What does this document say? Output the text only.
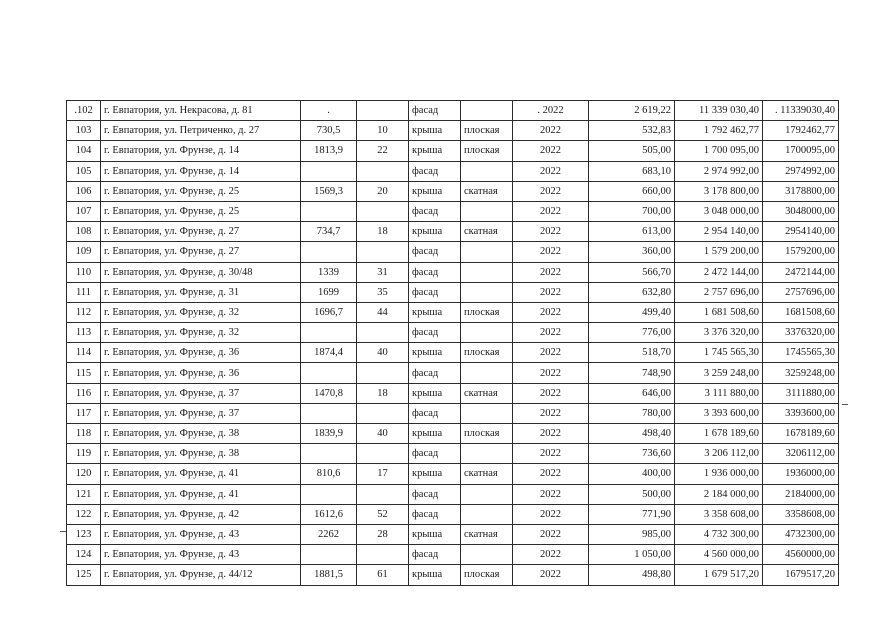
.102	г. Евпатория, ул. Некрасова, д. 81	.		фасад		. 2022	2 619,22	11 339 030,40	. 11339030,40
103	г. Евпатория, ул. Петриченко, д. 27	730,5	10	крыша	плоская	2022	532,83	1 792 462,77	1792462,77
104	г. Евпатория, ул. Фрунзе, д. 14	1813,9	22	крыша	плоская	2022	505,00	1 700 095,00	1700095,00
105	г. Евпатория, ул. Фрунзе, д. 14			фасад		2022	683,10	2 974 992,00	2974992,00
106	г. Евпатория, ул. Фрунзе, д. 25	1569,3	20	крыша	скатная	2022	660,00	3 178 800,00	3178800,00
107	г. Евпатория, ул. Фрунзе, д. 25			фасад		2022	700,00	3 048 000,00	3048000,00
108	г. Евпатория, ул. Фрунзе, д. 27	734,7	18	крыша	скатная	2022	613,00	2 954 140,00	2954140,00
109	г. Евпатория, ул. Фрунзе, д. 27			фасад		2022	360,00	1 579 200,00	1579200,00
110	г. Евпатория, ул. Фрунзе, д. 30/48	1339	31	фасад		2022	566,70	2 472 144,00	2472144,00
111	г. Евпатория, ул. Фрунзе, д. 31	1699	35	фасад		2022	632,80	2 757 696,00	2757696,00
112	г. Евпатория, ул. Фрунзе, д. 32	1696,7	44	крыша	плоская	2022	499,40	1 681 508,60	1681508,60
113	г. Евпатория, ул. Фрунзе, д. 32			фасад		2022	776,00	3 376 320,00	3376320,00
114	г. Евпатория, ул. Фрунзе, д. 36	1874,4	40	крыша	плоская	2022	518,70	1 745 565,30	1745565,30
115	г. Евпатория, ул. Фрунзе, д. 36			фасад		2022	748,90	3 259 248,00	3259248,00
116	г. Евпатория, ул. Фрунзе, д. 37	1470,8	18	крыша	скатная	2022	646,00	3 111 880,00	3111880,00
117	г. Евпатория, ул. Фрунзе, д. 37			фасад		2022	780,00	3 393 600,00	3393600,00
118	г. Евпатория, ул. Фрунзе, д. 38	1839,9	40	крыша	плоская	2022	498,40	1 678 189,60	1678189,60
119	г. Евпатория, ул. Фрунзе, д. 38			фасад		2022	736,60	3 206 112,00	3206112,00
120	г. Евпатория, ул. Фрунзе, д. 41	810,6	17	крыша	скатная	2022	400,00	1 936 000,00	1936000,00
121	г. Евпатория, ул. Фрунзе, д. 41			фасад		2022	500,00	2 184 000,00	2184000,00
122	г. Евпатория, ул. Фрунзе, д. 42	1612,6	52	фасад		2022	771,90	3 358 608,00	3358608,00
123	г. Евпатория, ул. Фрунзе, д. 43	2262	28	крыша	скатная	2022	985,00	4 732 300,00	4732300,00
124	г. Евпатория, ул. Фрунзе, д. 43			фасад		2022	1 050,00	4 560 000,00	4560000,00
125	г. Евпатория, ул. Фрунзе, д. 44/12	1881,5	61	крыша	плоская	2022	498,80	1 679 517,20	1679517,20
